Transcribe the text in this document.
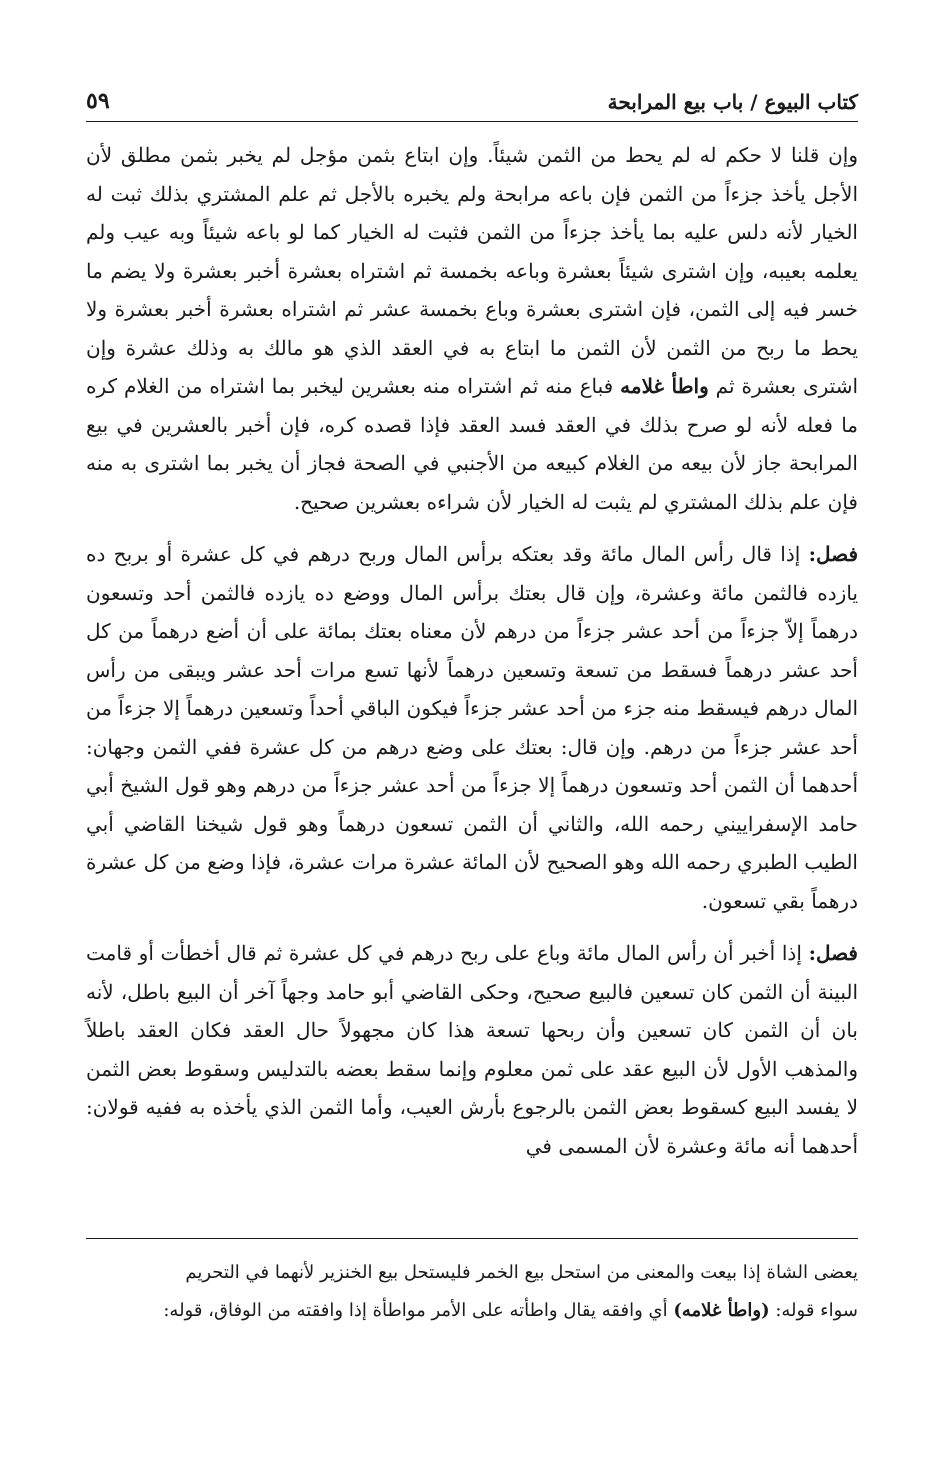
كتاب البيوع / باب بيع المرابحة
٥٩

وإن قلنا لا حكم له لم يحط من الثمن شيئاً. وإن ابتاع بثمن مؤجل لم يخبر بثمن مطلق لأن الأجل يأخذ جزءاً من الثمن فإن باعه مرابحة ولم يخبره بالأجل ثم علم المشتري بذلك ثبت له الخيار لأنه دلس عليه بما يأخذ جزءاً من الثمن فثبت له الخيار كما لو باعه شيئاً وبه عيب ولم يعلمه بعيبه، وإن اشترى شيئاً بعشرة وباعه بخمسة ثم اشتراه بعشرة أخبر بعشرة ولا يضم ما خسر فيه إلى الثمن، فإن اشترى بعشرة وباع بخمسة عشر ثم اشتراه بعشرة أخبر بعشرة ولا يحط ما ربح من الثمن لأن الثمن ما ابتاع به في العقد الذي هو مالك به وذلك عشرة وإن اشترى بعشرة ثم واطأ غلامه فباع منه ثم اشتراه منه بعشرين ليخبر بما اشتراه من الغلام كره ما فعله لأنه لو صرح بذلك في العقد فسد العقد فإذا قصده كره، فإن أخبر بالعشرين في بيع المرابحة جاز لأن بيعه من الغلام كبيعه من الأجنبي في الصحة فجاز أن يخبر بما اشترى به منه فإن علم بذلك المشتري لم يثبت له الخيار لأن شراءه بعشرين صحيح.

فصل: إذا قال رأس المال مائة وقد بعتكه برأس المال وربح درهم في كل عشرة أو بربح ده يازده فالثمن مائة وعشرة، وإن قال بعتك برأس المال ووضع ده يازده فالثمن أحد وتسعون درهماً إلاّ جزءاً من أحد عشر جزءاً من درهم لأن معناه بعتك بمائة على أن أضع درهماً من كل أحد عشر درهماً فسقط من تسعة وتسعين درهماً لأنها تسع مرات أحد عشر ويبقى من رأس المال درهم فيسقط منه جزء من أحد عشر جزءاً فيكون الباقي أحداً وتسعين درهماً إلا جزءاً من أحد عشر جزءاً من درهم. وإن قال: بعتك على وضع درهم من كل عشرة ففي الثمن وجهان: أحدهما أن الثمن أحد وتسعون درهماً إلا جزءاً من أحد عشر جزءاً من درهم وهو قول الشيخ أبي حامد الإسفراييني رحمه الله، والثاني أن الثمن تسعون درهماً وهو قول شيخنا القاضي أبي الطيب الطبري رحمه الله وهو الصحيح لأن المائة عشرة مرات عشرة، فإذا وضع من كل عشرة درهماً بقي تسعون.

فصل: إذا أخبر أن رأس المال مائة وباع على ربح درهم في كل عشرة ثم قال أخطأت أو قامت البينة أن الثمن كان تسعين فالبيع صحيح، وحكى القاضي أبو حامد وجهاً آخر أن البيع باطل، لأنه بان أن الثمن كان تسعين وأن ربحها تسعة هذا كان مجهولاً حال العقد فكان العقد باطلاً والمذهب الأول لأن البيع عقد على ثمن معلوم وإنما سقط بعضه بالتدليس وسقوط بعض الثمن لا يفسد البيع كسقوط بعض الثمن بالرجوع بأرش العيب، وأما الثمن الذي يأخذه به ففيه قولان: أحدهما أنه مائة وعشرة لأن المسمى في

يعضى الشاة إذا بيعت والمعنى من استحل بيع الخمر فليستحل بيع الخنزير لأنهما في التحريم

سواء قوله: (واطأ غلامه) أي وافقه يقال واطأته على الأمر مواطأة إذا وافقته من الوفاق، قوله:
